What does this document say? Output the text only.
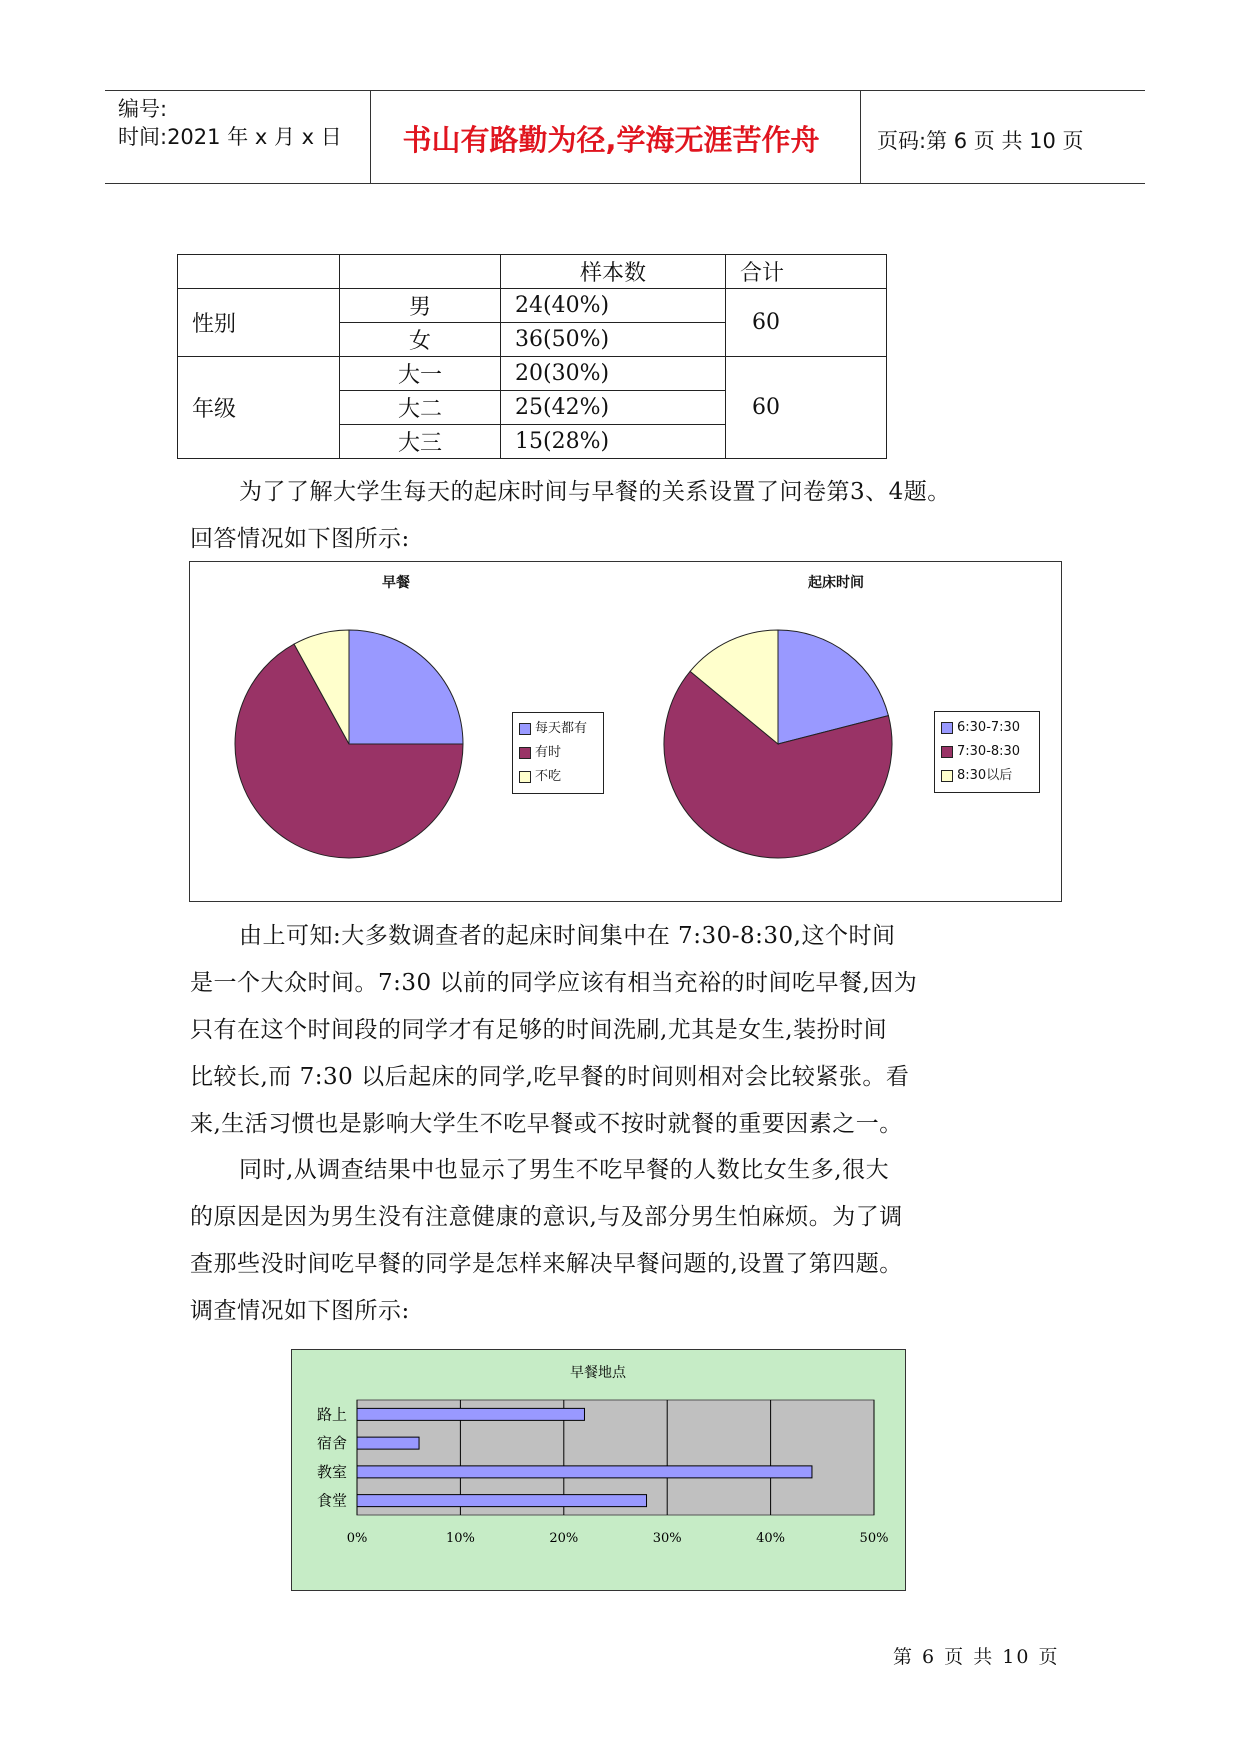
编号:
时间:2021 年 x 月 x 日	书山有路勤为径,学海无涯苦作舟	页码:第 6 页 共 10 页
		样本数	合计
性别	男	24(40%)	60
	女	36(50%)	
年级	大一	20(30%)	60
	大二	25(42%)	
	大三	15(28%)	

为了了解大学生每天的起床时间与早餐的关系设置了问卷第3、4题。

回答情况如下图所示:

早餐	起床时间
每天都有
有时
不吃
6:30-7:30
7:30-8:30
8:30以后

由上可知:大多数调查者的起床时间集中在 7:30-8:30,这个时间

是一个大众时间。7:30 以前的同学应该有相当充裕的时间吃早餐,因为

只有在这个时间段的同学才有足够的时间洗刷,尤其是女生,装扮时间

比较长,而 7:30 以后起床的同学,吃早餐的时间则相对会比较紧张。看

来,生活习惯也是影响大学生不吃早餐或不按时就餐的重要因素之一。

同时,从调查结果中也显示了男生不吃早餐的人数比女生多,很大

的原因是因为男生没有注意健康的意识,与及部分男生怕麻烦。为了调

查那些没时间吃早餐的同学是怎样来解决早餐问题的,设置了第四题。

调查情况如下图所示:

0%	10%	20%	30%	40%	50%
早餐地点
路上
宿舍
教室
食堂
第 6 页 共 10 页
